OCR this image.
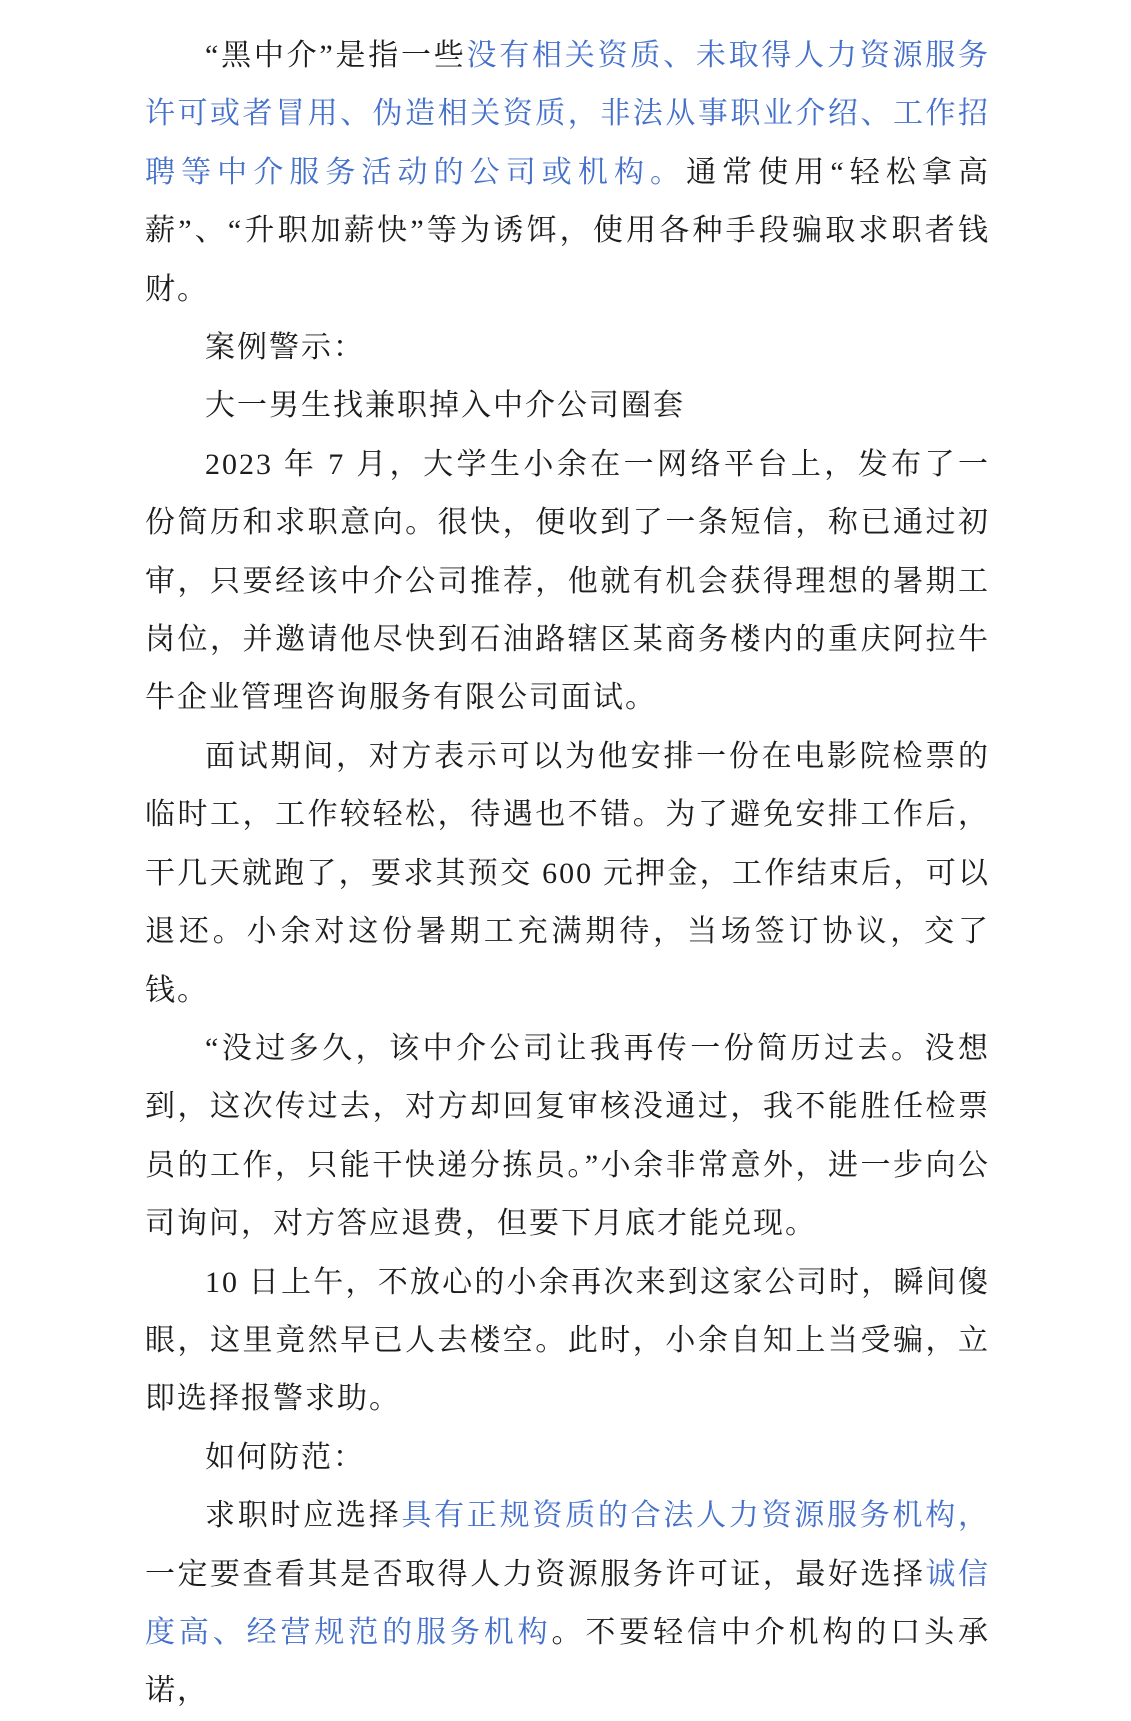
“黑中介”是指一些没有相关资质、未取得人力资源服务许可或者冒用、伪造相关资质，非法从事职业介绍、工作招聘等中介服务活动的公司或机构。通常使用“轻松拿高薪”、“升职加薪快”等为诱饵，使用各种手段骗取求职者钱财。

案例警示：

大一男生找兼职掉入中介公司圈套

2023 年 7 月，大学生小余在一网络平台上，发布了一份简历和求职意向。很快，便收到了一条短信，称已通过初审，只要经该中介公司推荐，他就有机会获得理想的暑期工岗位，并邀请他尽快到石油路辖区某商务楼内的重庆阿拉牛牛企业管理咨询服务有限公司面试。

面试期间，对方表示可以为他安排一份在电影院检票的临时工，工作较轻松，待遇也不错。为了避免安排工作后，干几天就跑了，要求其预交 600 元押金，工作结束后，可以退还。小余对这份暑期工充满期待，当场签订协议，交了钱。

“没过多久，该中介公司让我再传一份简历过去。没想到，这次传过去，对方却回复审核没通过，我不能胜任检票员的工作，只能干快递分拣员。”小余非常意外，进一步向公司询问，对方答应退费，但要下月底才能兑现。

10 日上午，不放心的小余再次来到这家公司时，瞬间傻眼，这里竟然早已人去楼空。此时，小余自知上当受骗，立即选择报警求助。

如何防范：

求职时应选择具有正规资质的合法人力资源服务机构，一定要查看其是否取得人力资源服务许可证，最好选择诚信度高、经营规范的服务机构。不要轻信中介机构的口头承诺，
